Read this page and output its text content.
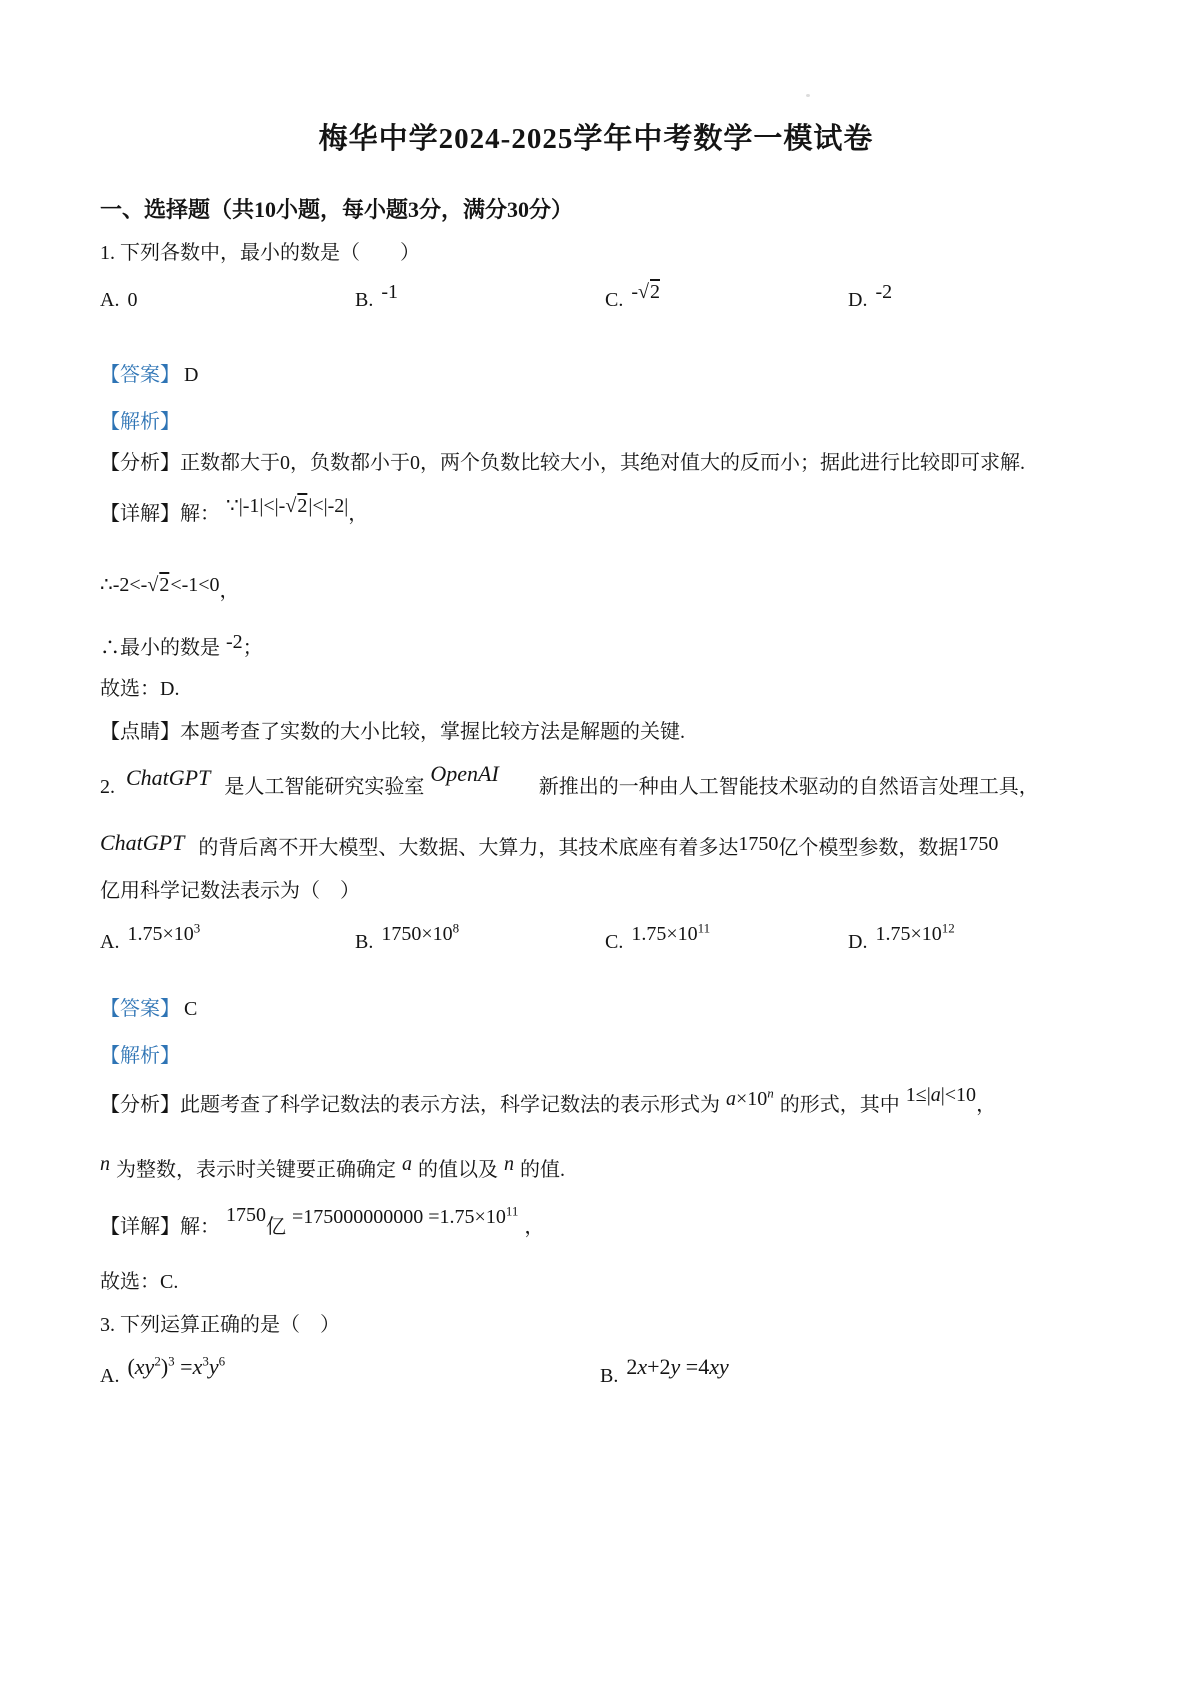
梅华中学2024-2025学年中考数学一模试卷
一、选择题（共10小题，每小题3分，满分30分）

1. 下列各数中，最小的数是（　　）

A. 0	B. -1	C. -√2	D. -2

【答案】 D

【解析】

【分析】正数都大于0，负数都小于0，两个负数比较大小，其绝对值大的反而小；据此进行比较即可求解.

【详解】解： ∵|-1|<|-√2|<|-2|，

∴-2<-√2<-1<0，

∴最小的数是 -2；

故选：D.

【点睛】本题考查了实数的大小比较，掌握比较方法是解题的关键.

2. ChatGPT 是人工智能研究实验室OpenAI新推出的一种由人工智能技术驱动的自然语言处理工具，

ChatGPT 的背后离不开大模型、大数据、大算力，其技术底座有着多达1750亿个模型参数，数据1750

亿用科学记数法表示为（　）

A. $1.75\times 10^3$
B. $1750\times 10^8$
C. $1.75\times 10^{11}$
D. $1.75\times 10^{12}$

【答案】 C

【解析】

【分析】此题考查了科学记数法的表示方法，科学记数法的表示形式为 $a\times 10^n$的形式，其中 1≤|a|<10，

n 为整数，表示时关键要正确确定 a 的值以及 n 的值.

【详解】解：1750亿 $=175000000000 =1.75\times 10^{11}$，

故选：C.

3. 下列运算正确的是（　）

A. $(xy^2)^3 =x^3y^6$
B. 2x+2y =4xy
